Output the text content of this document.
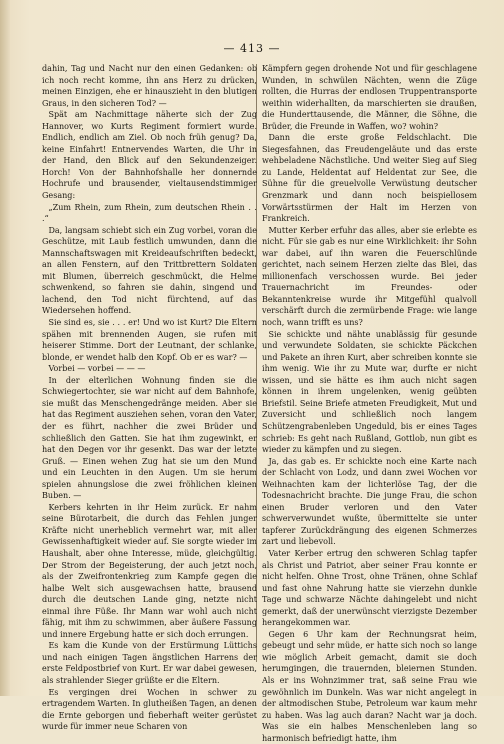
— 413 —

dahin, Tag und Nacht nur den einen Gedanken: ob ich noch recht komme, ihn ans Herz zu drücken, meinen Einzigen, ehe er hinauszieht in den blutigen Graus, in den sicheren Tod? —

Spät am Nachmittage näherte sich der Zug Hannover, wo Kurts Regiment formiert wurde. Endlich, endlich am Ziel. Ob noch früh genug? Da, keine Einfahrt! Entnervendes Warten, die Uhr in der Hand, den Blick auf den Sekundenzeiger. Horch! Von der Bahnhofshalle her donnernde Hochrufe und brausender, vieltausendstimmiger Gesang:

„Zum Rhein, zum Rhein, zum deutschen Rhein . . .“

Da, langsam schiebt sich ein Zug vorbei, voran die Geschütze, mit Laub festlich umwunden, dann die Mannschaftswagen mit Kreideaufschriften bedeckt, an allen Fenstern, auf den Trittbrettern Soldaten mit Blumen, überreich geschmückt, die Helme schwenkend, so fahren sie dahin, singend und lachend, den Tod nicht fürchtend, auf das Wiedersehen hoffend.

Sie sind es, sie . . . er! Und wo ist Kurt? Die Eltern spähen mit brennenden Augen, sie rufen mit heiserer Stimme. Dort der Leutnant, der schlanke, blonde, er wendet halb den Kopf. Ob er es war? —

Vorbei — vorbei — — —

In der elterlichen Wohnung finden sie die Schwiegertochter, sie war nicht auf dem Bahnhofe, sie mußt das Menschengedränge meiden. Aber sie hat das Regiment ausziehen sehen, voran den Vater, der es führt, nachher die zwei Brüder und schließlich den Gatten. Sie hat ihm zugewinkt, er hat den Degen vor ihr gesenkt. Das war der letzte Gruß. — Einen wehen Zug hat sie um den Mund und ein Leuchten in den Augen. Um sie herum spielen ahnungslose die zwei fröhlichen kleinen Buben. —

Kerbers kehrten in ihr Heim zurück. Er nahm seine Bürotarbeit, die durch das Fehlen junger Kräfte nicht unerheblich vermehrt war, mit aller Gewissenhaftigkeit wieder auf. Sie sorgte wieder im Haushalt, aber ohne Interesse, müde, gleichgültig. Der Strom der Begeisterung, der auch jetzt noch, als der Zweifrontenkrieg zum Kampfe gegen die halbe Welt sich ausgewachsen hatte, brausend durch die deutschen Lande ging, netzte nicht einmal ihre Füße. Ihr Mann war wohl auch nicht fähig, mit ihm zu schwimmen, aber äußere Fassung und innere Ergebung hatte er sich doch errungen.

Es kam die Kunde von der Erstürmung Lüttichs und nach einigen Tagen ängstlichen Harrens der erste Feldpostbrief von Kurt. Er war dabei gewesen, als strahlender Sieger grüßte er die Eltern.

Es vergingen drei Wochen in schwer zu ertragendem Warten. In glutheißen Tagen, an denen die Ernte geborgen und fieberhaft weiter gerüstet wurde für immer neue Scharen von

Kämpfern gegen drohende Not und für geschlagene Wunden, in schwülen Nächten, wenn die Züge rollten, die Hurras der endlosen Truppentransporte weithin widerhallten, da marschierten sie draußen, die Hunderttausende, die Männer, die Söhne, die Brüder, die Freunde in Waffen, wo? wohin?

Dann die erste große Feldschlacht. Die Siegesfahnen, das Freudengeläute und das erste wehbeladene Nächstliche. Und weiter Sieg auf Sieg zu Lande, Heldentat auf Heldentat zur See, die Sühne für die greuelvolle Verwüstung deutscher Grenzmark und dann noch beispiellosem Vorwärtsstürmen der Halt im Herzen von Frankreich.

Mutter Kerber erfuhr das alles, aber sie erlebte es nicht. Für sie gab es nur eine Wirklichkeit: ihr Sohn war dabei, auf ihn waren die Feuerschlünde gerichtet, nach seinem Herzen zielte das Blei, das millionenfach verschossen wurde. Bei jeder Trauernachricht im Freundes- oder Bekanntenkreise wurde ihr Mitgefühl qualvoll verschärft durch die zermürbende Frage: wie lange noch, wann trifft es uns?

Sie schickte und nähte unablässig für gesunde und verwundete Soldaten, sie schickte Päckchen und Pakete an ihren Kurt, aber schreiben konnte sie ihm wenig. Wie ihr zu Mute war, durfte er nicht wissen, und sie hätte es ihm auch nicht sagen können in ihrem ungelenken, wenig geübten Briefstil. Seine Briefe atmeten Freudigkeit, Mut und Zuversicht und schließlich noch langem Schützengrabenleben Ungeduld, bis er eines Tages schrieb: Es geht nach Rußland, Gottlob, nun gibt es wieder zu kämpfen und zu siegen.

Ja, das gab es. Er schickte noch eine Karte nach der Schlacht von Lodz, und dann zwei Wochen vor Weihnachten kam der lichterlöse Tag, der die Todesnachricht brachte. Die junge Frau, die schon einen Bruder verloren und den Vater schwerverwundet wußte, übermittelte sie unter tapferer Zurückdrängung des eigenen Schmerzes zart und liebevoll.

Vater Kerber ertrug den schweren Schlag tapfer als Christ und Patriot, aber seiner Frau konnte er nicht helfen. Ohne Trost, ohne Tränen, ohne Schlaf und fast ohne Nahrung hatte sie vierzehn dunkle Tage und schwarze Nächte dahingelebt und nicht gemerkt, daß der unerwünscht vierzigste Dezember herangekommen war.

Gegen 6 Uhr kam der Rechnungsrat heim, gebeugt und sehr müde, er hatte sich noch so lange wie möglich Arbeit gemacht, damit sie doch herumgingen, die trauernden, bleiernen Stunden. Als er ins Wohnzimmer trat, saß seine Frau wie gewöhnlich im Dunkeln. Was war nicht angelegt in der altmodischen Stube, Petroleum war kaum mehr zu haben. Was lag auch daran? Nacht war ja doch. Was sie ein halbes Menschenleben lang so harmonisch befriedigt hatte, ihm
